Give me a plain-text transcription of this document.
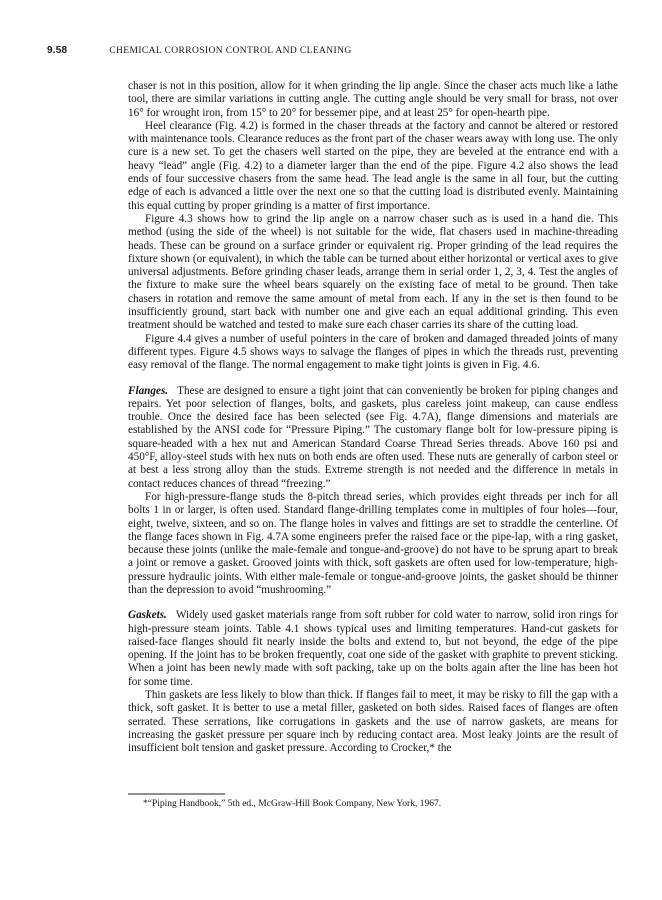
9.58	CHEMICAL CORROSION CONTROL AND CLEANING

chaser is not in this position, allow for it when grinding the lip angle. Since the chaser acts much like a lathe tool, there are similar variations in cutting angle. The cutting angle should be very small for brass, not over 16° for wrought iron, from 15° to 20° for bessemer pipe, and at least 25° for open-hearth pipe.

Heel clearance (Fig. 4.2) is formed in the chaser threads at the factory and cannot be altered or restored with maintenance tools. Clearance reduces as the front part of the chaser wears away with long use. The only cure is a new set. To get the chasers well started on the pipe, they are beveled at the entrance end with a heavy “lead” angle (Fig. 4.2) to a diameter larger than the end of the pipe. Figure 4.2 also shows the lead ends of four successive chasers from the same head. The lead angle is the same in all four, but the cutting edge of each is advanced a little over the next one so that the cutting load is distributed evenly. Maintaining this equal cutting by proper grinding is a matter of first importance.

Figure 4.3 shows how to grind the lip angle on a narrow chaser such as is used in a hand die. This method (using the side of the wheel) is not suitable for the wide, flat chasers used in machine-threading heads. These can be ground on a surface grinder or equivalent rig. Proper grinding of the lead requires the fixture shown (or equivalent), in which the table can be turned about either horizontal or vertical axes to give universal adjustments. Before grinding chaser leads, arrange them in serial order 1, 2, 3, 4. Test the angles of the fixture to make sure the wheel bears squarely on the existing face of metal to be ground. Then take chasers in rotation and remove the same amount of metal from each. If any in the set is then found to be insufficiently ground, start back with number one and give each an equal additional grinding. This even treatment should be watched and tested to make sure each chaser carries its share of the cutting load.

Figure 4.4 gives a number of useful pointers in the care of broken and damaged threaded joints of many different types. Figure 4.5 shows ways to salvage the flanges of pipes in which the threads rust, preventing easy removal of the flange. The normal engagement to make tight joints is given in Fig. 4.6.

Flanges. These are designed to ensure a tight joint that can conveniently be broken for piping changes and repairs. Yet poor selection of flanges, bolts, and gaskets, plus careless joint makeup, can cause endless trouble. Once the desired face has been selected (see Fig. 4.7A), flange dimensions and materials are established by the ANSI code for “Pressure Piping.” The customary flange bolt for low-pressure piping is square-headed with a hex nut and American Standard Coarse Thread Series threads. Above 160 psi and 450°F, alloy-steel studs with hex nuts on both ends are often used. These nuts are generally of carbon steel or at best a less strong alloy than the studs. Extreme strength is not needed and the difference in metals in contact reduces chances of thread “freezing.”

For high-pressure-flange studs the 8-pitch thread series, which provides eight threads per inch for all bolts 1 in or larger, is often used. Standard flange-drilling templates come in multiples of four holes—four, eight, twelve, sixteen, and so on. The flange holes in valves and fittings are set to straddle the centerline. Of the flange faces shown in Fig. 4.7A some engineers prefer the raised face or the pipe-lap, with a ring gasket, because these joints (unlike the male-female and tongue-and-groove) do not have to be sprung apart to break a joint or remove a gasket. Grooved joints with thick, soft gaskets are often used for low-temperature, high-pressure hydraulic joints. With either male-female or tongue-and-groove joints, the gasket should be thinner than the depression to avoid “mushrooming.”

Gaskets. Widely used gasket materials range from soft rubber for cold water to narrow, solid iron rings for high-pressure steam joints. Table 4.1 shows typical uses and limiting temperatures. Hand-cut gaskets for raised-face flanges should fit nearly inside the bolts and extend to, but not beyond, the edge of the pipe opening. If the joint has to be broken frequently, coat one side of the gasket with graphite to prevent sticking. When a joint has been newly made with soft packing, take up on the bolts again after the line has been hot for some time.

Thin gaskets are less likely to blow than thick. If flanges fail to meet, it may be risky to fill the gap with a thick, soft gasket. It is better to use a metal filler, gasketed on both sides. Raised faces of flanges are often serrated. These serrations, like corrugations in gaskets and the use of narrow gaskets, are means for increasing the gasket pressure per square inch by reducing contact area. Most leaky joints are the result of insufficient bolt tension and gasket pressure. According to Crocker,* the

*“Piping Handbook,” 5th ed., McGraw-Hill Book Company, New York, 1967.
